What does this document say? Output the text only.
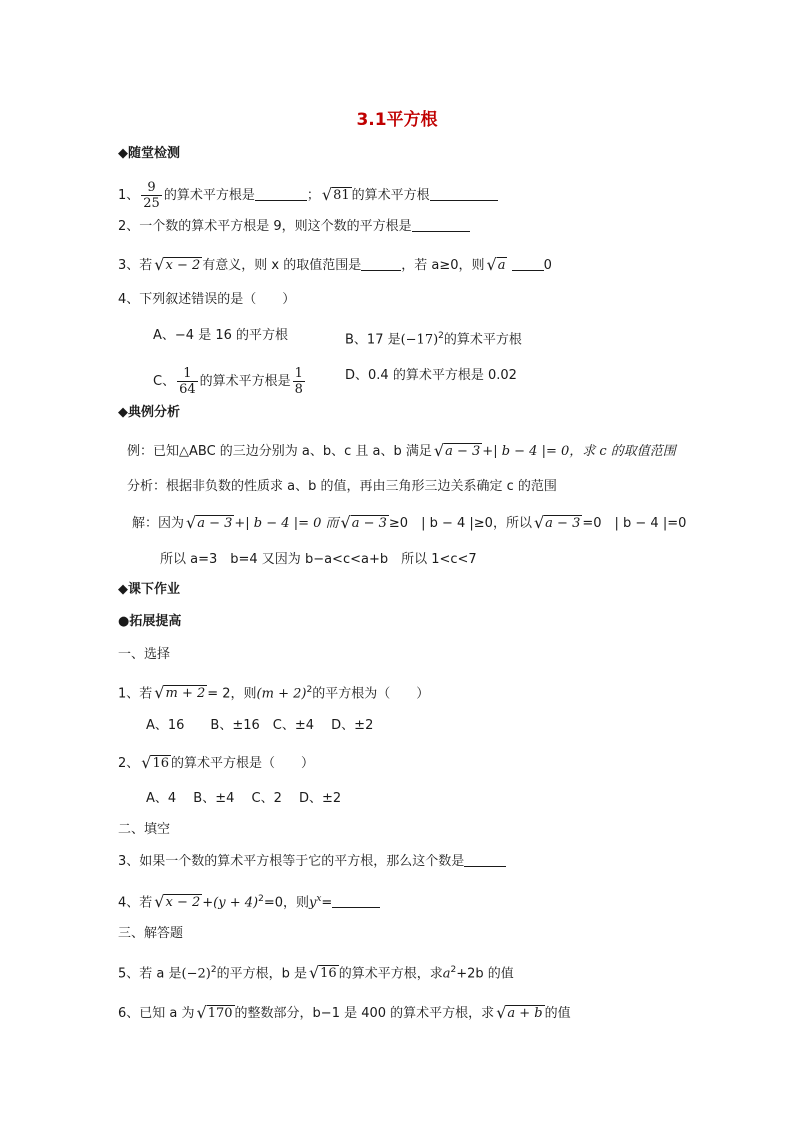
3.1平方根
◆随堂检测
1、 $\frac{9}{25}$ 的算术平方根是	； √81 的算术平方根
2、一个数的算术平方根是 9，则这个数的平方根是
3、若 √x − 2 有意义，则 x 的取值范围是	，若 a≥0，则 √a	0
4、下列叙述错误的是（　　）
A、−4 是 16 的平方根	B、17 是$(-17)^2$的算术平方根
C、 $\frac{1}{64}$ 的算术平方根是 $\frac{1}{8}$	D、0.4 的算术平方根是 0.02
◆典例分析
例：已知△ABC 的三边分别为 a、b、c 且 a、b 满足 √a − 3 +| b − 4 |= 0，求 c 的取值范围
分析：根据非负数的性质求 a、b 的值，再由三角形三边关系确定 c 的范围
解：因为 √a − 3 +| b − 4 |= 0 而 √a − 3 ≥0　| b − 4 |≥0，所以 √a − 3 =0　| b − 4 |=0
所以 a=3　b=4 又因为 b−a<c<a+b　所以 1<c<7
◆课下作业
●拓展提高
一、选择
1、若 √m + 2 = 2，则$(m + 2)^2$的平方根为（　　）
A、16　　B、±16　C、±4　 D、±2
2、 √16 的算术平方根是（　　）
A、4　 B、±4　 C、2　 D、±2
二、填空
3、如果一个数的算术平方根等于它的平方根，那么这个数是
4、若 $√x - 2 +(y + 4)^2=0$，则$y^x=$
三、解答题
5、若 a 是$(-2)^2$的平方根，b 是 √16 的算术平方根，求$a^2+2b$ 的值
6、已知 a 为 √170 的整数部分，b−1 是 400 的算术平方根，求 √a + b 的值
